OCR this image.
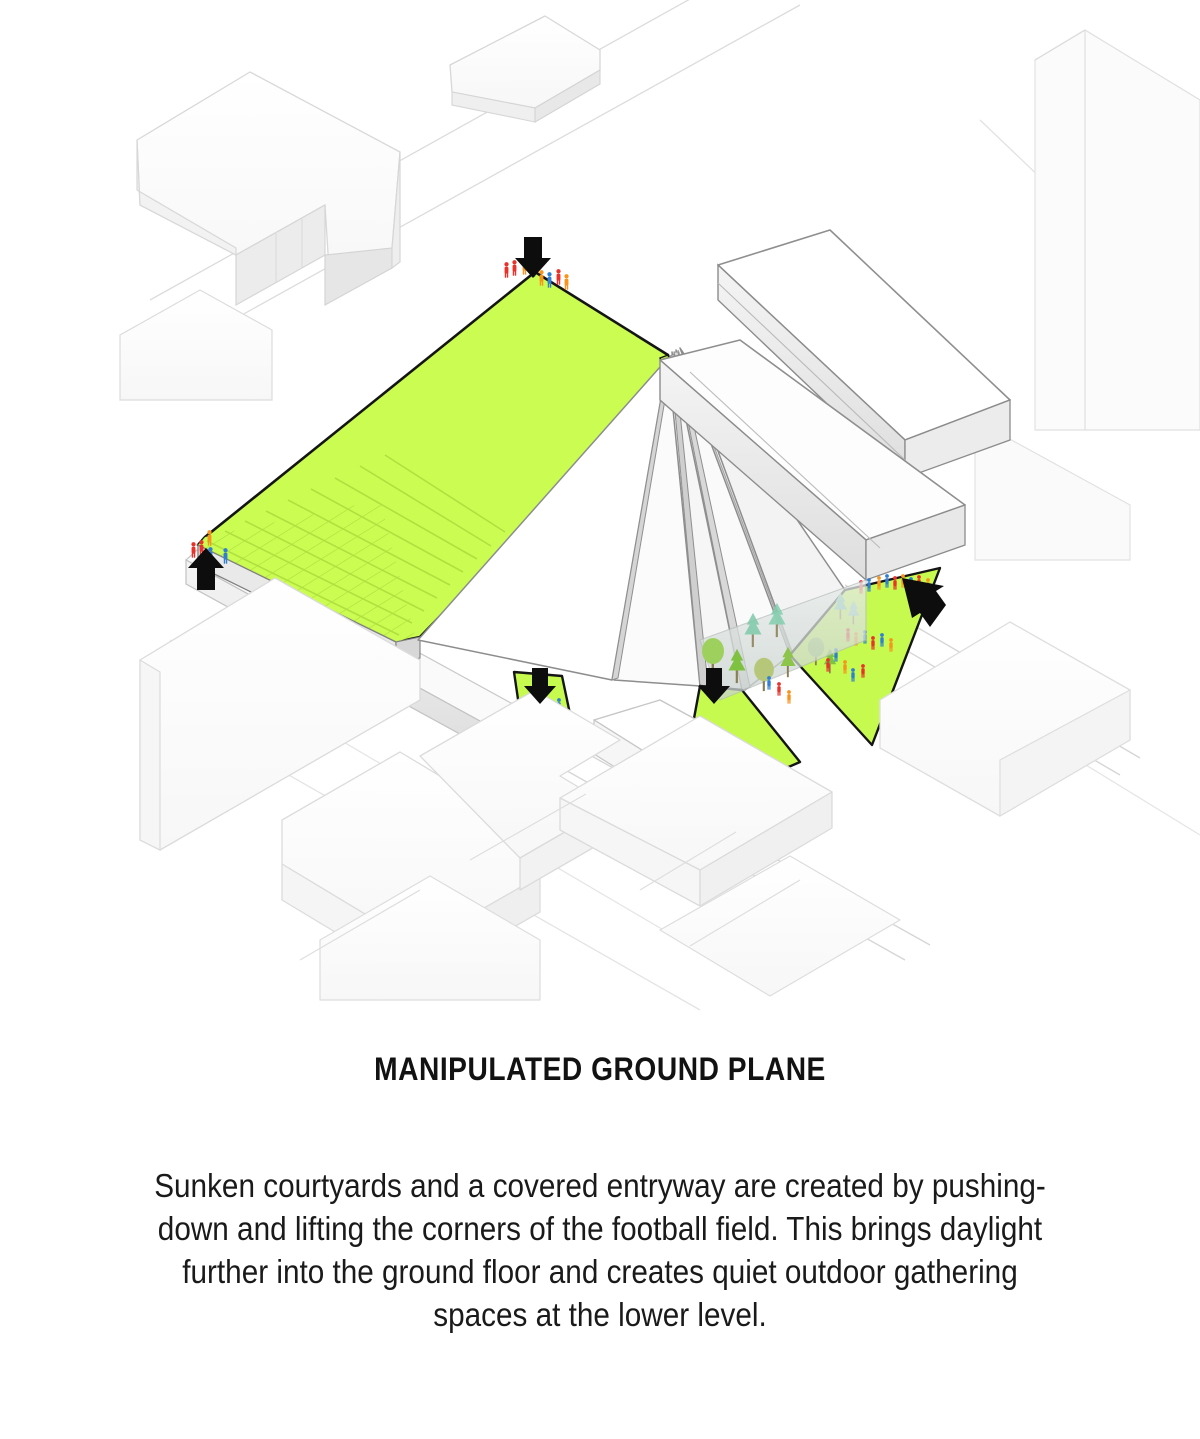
MANIPULATED GROUND PLANE

Sunken courtyards and a covered entryway are created by pushing-down and lifting the corners of the football field. This brings daylight further into the ground floor and creates quiet outdoor gathering spaces at the lower level.
